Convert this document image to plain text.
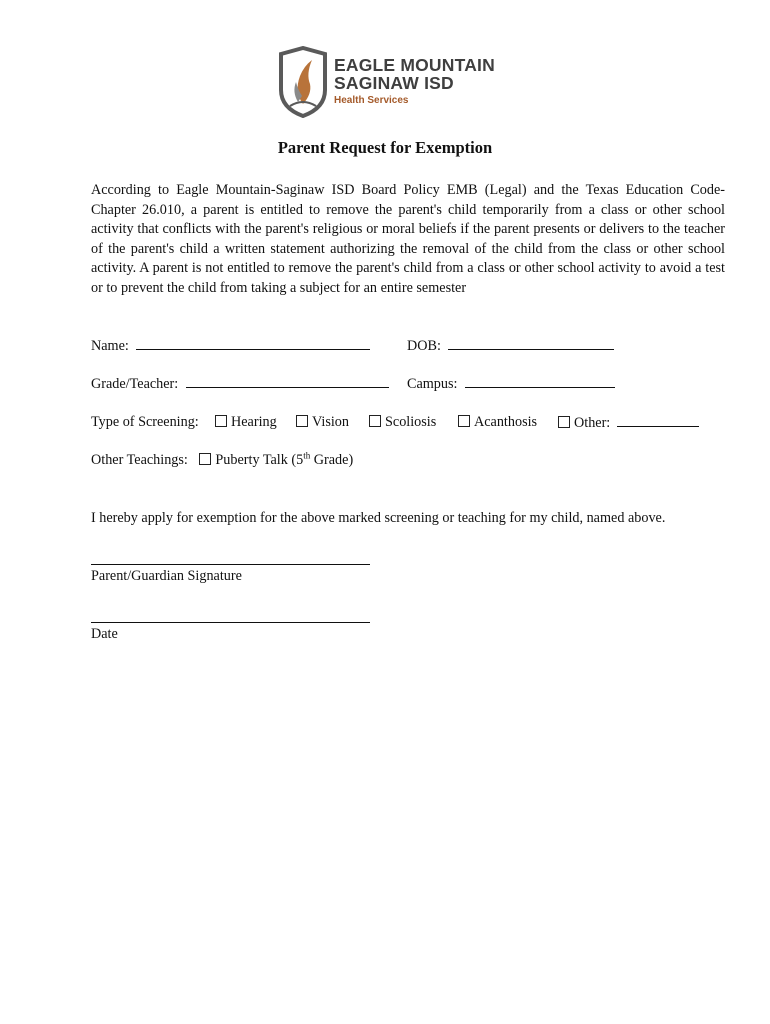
EAGLE MOUNTAIN
SAGINAW ISD
Health Services
Parent Request for Exemption
According to Eagle Mountain-Saginaw ISD Board Policy EMB (Legal) and the Texas Education Code- Chapter 26.010, a parent is entitled to remove the parent's child temporarily from a class or other school activity that conflicts with the parent's religious or moral beliefs if the parent presents or delivers to the teacher of the parent's child a written statement authorizing the removal of the child from the class or other school activity. A parent is not entitled to remove the parent's child from a class or other school activity to avoid a test or to prevent the child from taking a subject for an entire semester
Name:	DOB:
Grade/Teacher:	Campus:
Type of Screening:	Hearing	Vision	Scoliosis	Acanthosis	Other:
Other Teachings: Puberty Talk (5th Grade)
I hereby apply for exemption for the above marked screening or teaching for my child, named above.
Parent/Guardian Signature
Date
